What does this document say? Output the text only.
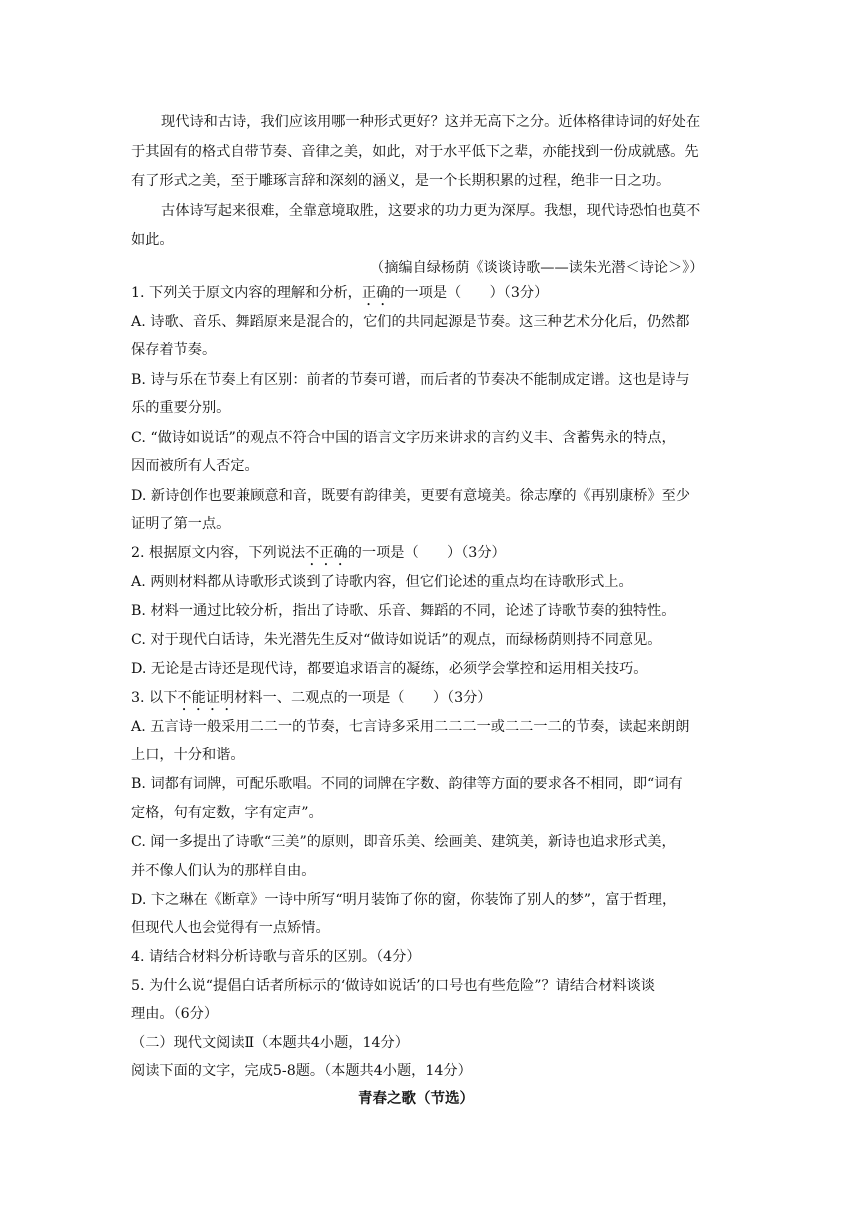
现代诗和古诗，我们应该用哪一种形式更好？这并无高下之分。近体格律诗词的好处在
于其固有的格式自带节奏、音律之美，如此，对于水平低下之辈，亦能找到一份成就感。先
有了形式之美，至于雕琢言辞和深刻的涵义，是一个长期积累的过程，绝非一日之功。
古体诗写起来很难，全靠意境取胜，这要求的功力更为深厚。我想，现代诗恐怕也莫不
如此。
（摘编自绿杨荫《谈谈诗歌——读朱光潜＜诗论＞》）
1. 下列关于原文内容的理解和分析，正确的一项是（　　）（3分）
A. 诗歌、音乐、舞蹈原来是混合的，它们的共同起源是节奏。这三种艺术分化后，仍然都
保存着节奏。
B. 诗与乐在节奏上有区别：前者的节奏可谱，而后者的节奏决不能制成定谱。这也是诗与
乐的重要分别。
C. “做诗如说话”的观点不符合中国的语言文字历来讲求的言约义丰、含蓄隽永的特点，
因而被所有人否定。
D. 新诗创作也要兼顾意和音，既要有韵律美，更要有意境美。徐志摩的《再别康桥》至少
证明了第一点。
2. 根据原文内容，下列说法不正确的一项是（　　）（3分）
A. 两则材料都从诗歌形式谈到了诗歌内容，但它们论述的重点均在诗歌形式上。
B. 材料一通过比较分析，指出了诗歌、乐音、舞蹈的不同，论述了诗歌节奏的独特性。
C. 对于现代白话诗，朱光潜先生反对“做诗如说话”的观点，而绿杨荫则持不同意见。
D. 无论是古诗还是现代诗，都要追求语言的凝练，必须学会掌控和运用相关技巧。
3. 以下不能证明材料一、二观点的一项是（　　）（3分）
A. 五言诗一般采用二二一的节奏，七言诗多采用二二二一或二二一二的节奏，读起来朗朗
上口，十分和谐。
B. 词都有词牌，可配乐歌唱。不同的词牌在字数、韵律等方面的要求各不相同，即“词有
定格，句有定数，字有定声”。
C. 闻一多提出了诗歌“三美”的原则，即音乐美、绘画美、建筑美，新诗也追求形式美，
并不像人们认为的那样自由。
D. 卞之琳在《断章》一诗中所写“明月装饰了你的窗，你装饰了别人的梦”，富于哲理，
但现代人也会觉得有一点矫情。
4. 请结合材料分析诗歌与音乐的区别。（4分）
5. 为什么说“提倡白话者所标示的‘做诗如说话’的口号也有些危险”？请结合材料谈谈
理由。（6分）
（二）现代文阅读Ⅱ（本题共4小题，14分）
阅读下面的文字，完成5-8题。（本题共4小题，14分）
青春之歌（节选）
